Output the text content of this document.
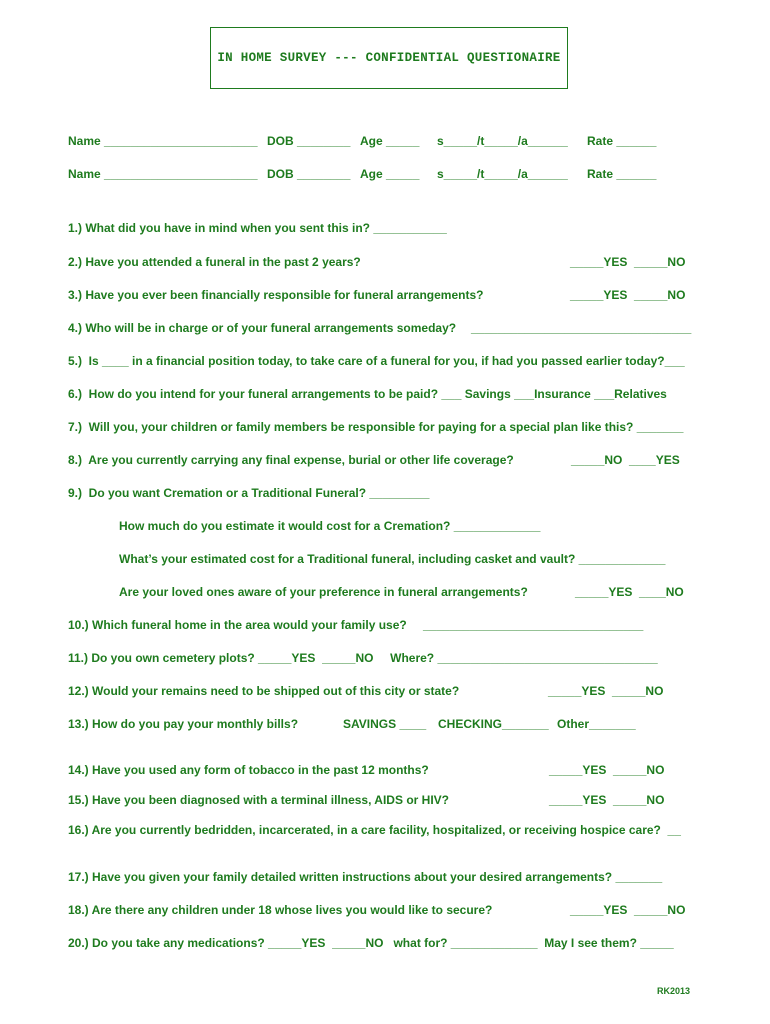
IN HOME SURVEY --- CONFIDENTIAL QUESTIONAIRE
Name _______________________ DOB ________ Age _____ s_____/t_____/a______ Rate ______
Name _______________________ DOB ________ Age _____ s_____/t_____/a______ Rate ______
1.) What did you have in mind when you sent this in? ___________
2.) Have you attended a funeral in the past 2 years?	_____YES  _____NO
3.) Have you ever been financially responsible for funeral arrangements?	_____YES  _____NO
4.) Who will be in charge or of your funeral arrangements someday? _________________________________
5.)  Is ____ in a financial position today, to take care of a funeral for you, if had you passed earlier today?___
6.)  How do you intend for your funeral arrangements to be paid? ___ Savings ___Insurance ___Relatives
7.)  Will you, your children or family members be responsible for paying for a special plan like this? _______
8.)  Are you currently carrying any final expense, burial or other life coverage?	_____NO  ____YES
9.)  Do you want Cremation or a Traditional Funeral? _________
How much do you estimate it would cost for a Cremation? _____________
What’s your estimated cost for a Traditional funeral, including casket and vault? _____________
Are your loved ones aware of your preference in funeral arrangements?	_____YES  ____NO
10.) Which funeral home in the area would your family use? _________________________________
11.) Do you own cemetery plots? _____YES  _____NO     Where? _________________________________
12.) Would your remains need to be shipped out of this city or state?	_____YES  _____NO
13.) How do you pay your monthly bills?	SAVINGS ____ CHECKING_______ Other_______
14.) Have you used any form of tobacco in the past 12 months?	_____YES  _____NO
15.) Have you been diagnosed with a terminal illness, AIDS or HIV?	_____YES  _____NO
16.) Are you currently bedridden, incarcerated, in a care facility, hospitalized, or receiving hospice care?  __
17.) Have you given your family detailed written instructions about your desired arrangements? _______
18.) Are there any children under 18 whose lives you would like to secure?	_____YES  _____NO
20.) Do you take any medications? _____YES  _____NO   what for? _____________  May I see them? _____
RK2013
